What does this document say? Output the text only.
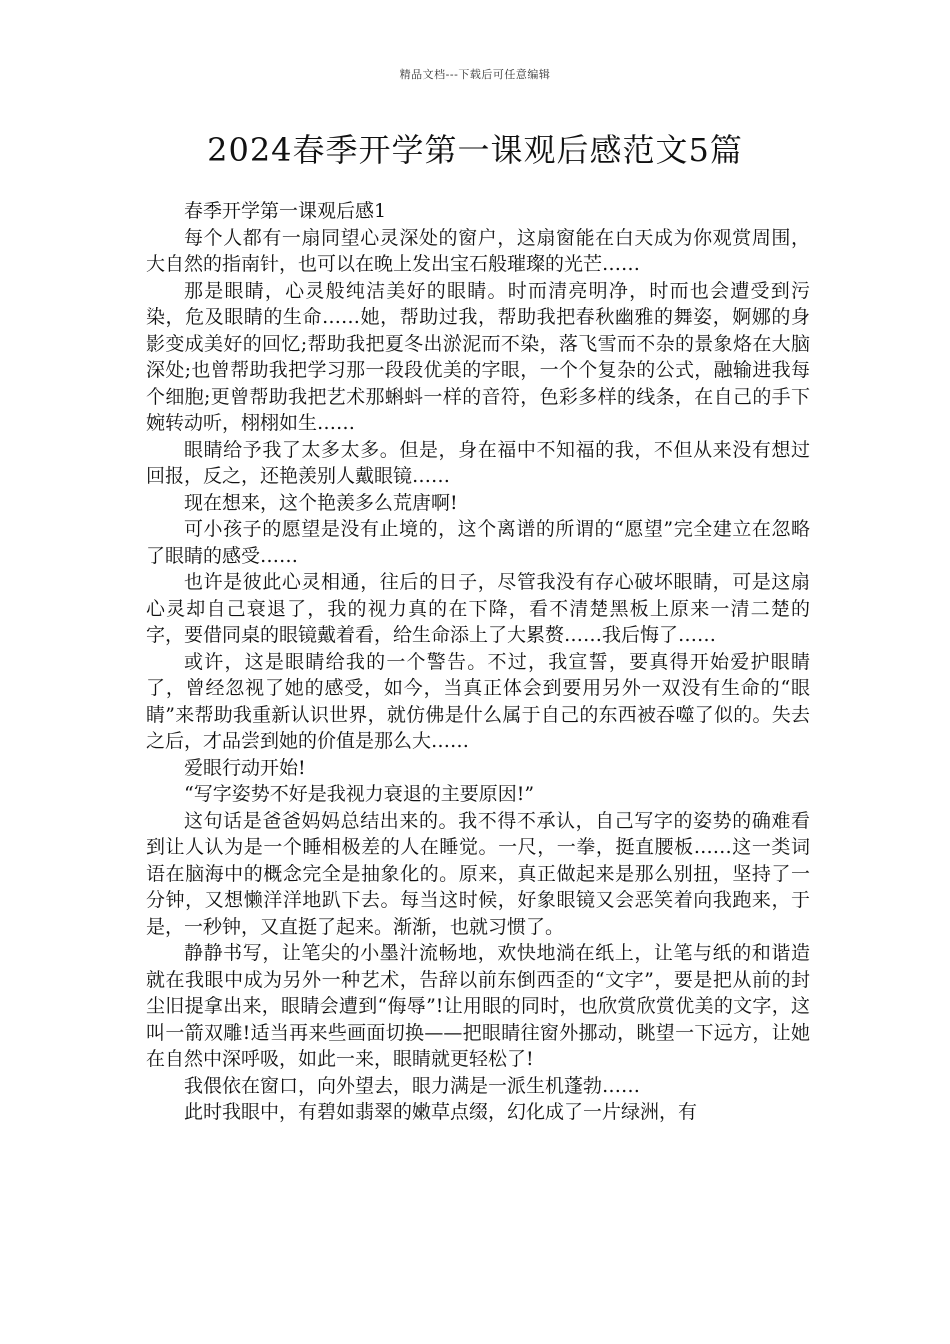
精品文档---下载后可任意编辑
2024春季开学第一课观后感范文5篇

春季开学第一课观后感1

每个人都有一扇同望心灵深处的窗户，这扇窗能在白天成为你观赏周围，大自然的指南针，也可以在晚上发出宝石般璀璨的光芒……

那是眼睛，心灵般纯洁美好的眼睛。时而清亮明净，时而也会遭受到污染，危及眼睛的生命……她，帮助过我，帮助我把春秋幽雅的舞姿，婀娜的身影变成美好的回忆;帮助我把夏冬出淤泥而不染，落飞雪而不杂的景象烙在大脑深处;也曾帮助我把学习那一段段优美的字眼，一个个复杂的公式，融输进我每个细胞;更曾帮助我把艺术那蝌蚪一样的音符，色彩多样的线条，在自己的手下婉转动听，栩栩如生……

眼睛给予我了太多太多。但是，身在福中不知福的我，不但从来没有想过回报，反之，还艳羡别人戴眼镜……

现在想来，这个艳羡多么荒唐啊!

可小孩子的愿望是没有止境的，这个离谱的所谓的“愿望”完全建立在忽略了眼睛的感受……

也许是彼此心灵相通，往后的日子，尽管我没有存心破坏眼睛，可是这扇心灵却自己衰退了，我的视力真的在下降，看不清楚黑板上原来一清二楚的字，要借同桌的眼镜戴着看，给生命添上了大累赘……我后悔了……

或许，这是眼睛给我的一个警告。不过，我宣誓，要真得开始爱护眼睛了，曾经忽视了她的感受，如今，当真正体会到要用另外一双没有生命的“眼睛”来帮助我重新认识世界，就仿佛是什么属于自己的东西被吞噬了似的。失去之后，才品尝到她的价值是那么大……

爱眼行动开始!

“写字姿势不好是我视力衰退的主要原因!”

这句话是爸爸妈妈总结出来的。我不得不承认，自己写字的姿势的确难看到让人认为是一个睡相极差的人在睡觉。一尺，一拳，挺直腰板……这一类词语在脑海中的概念完全是抽象化的。原来，真正做起来是那么别扭，坚持了一分钟，又想懒洋洋地趴下去。每当这时候，好象眼镜又会恶笑着向我跑来，于是，一秒钟，又直挺了起来。渐渐，也就习惯了。

静静书写，让笔尖的小墨汁流畅地，欢快地淌在纸上，让笔与纸的和谐造就在我眼中成为另外一种艺术，告辞以前东倒西歪的“文字”，要是把从前的封尘旧提拿出来，眼睛会遭到“侮辱”!让用眼的同时，也欣赏欣赏优美的文字，这叫一箭双雕!适当再来些画面切换——把眼睛往窗外挪动，眺望一下远方，让她在自然中深呼吸，如此一来，眼睛就更轻松了!

我偎依在窗口，向外望去，眼力满是一派生机蓬勃……

此时我眼中，有碧如翡翠的嫩草点缀，幻化成了一片绿洲，有
